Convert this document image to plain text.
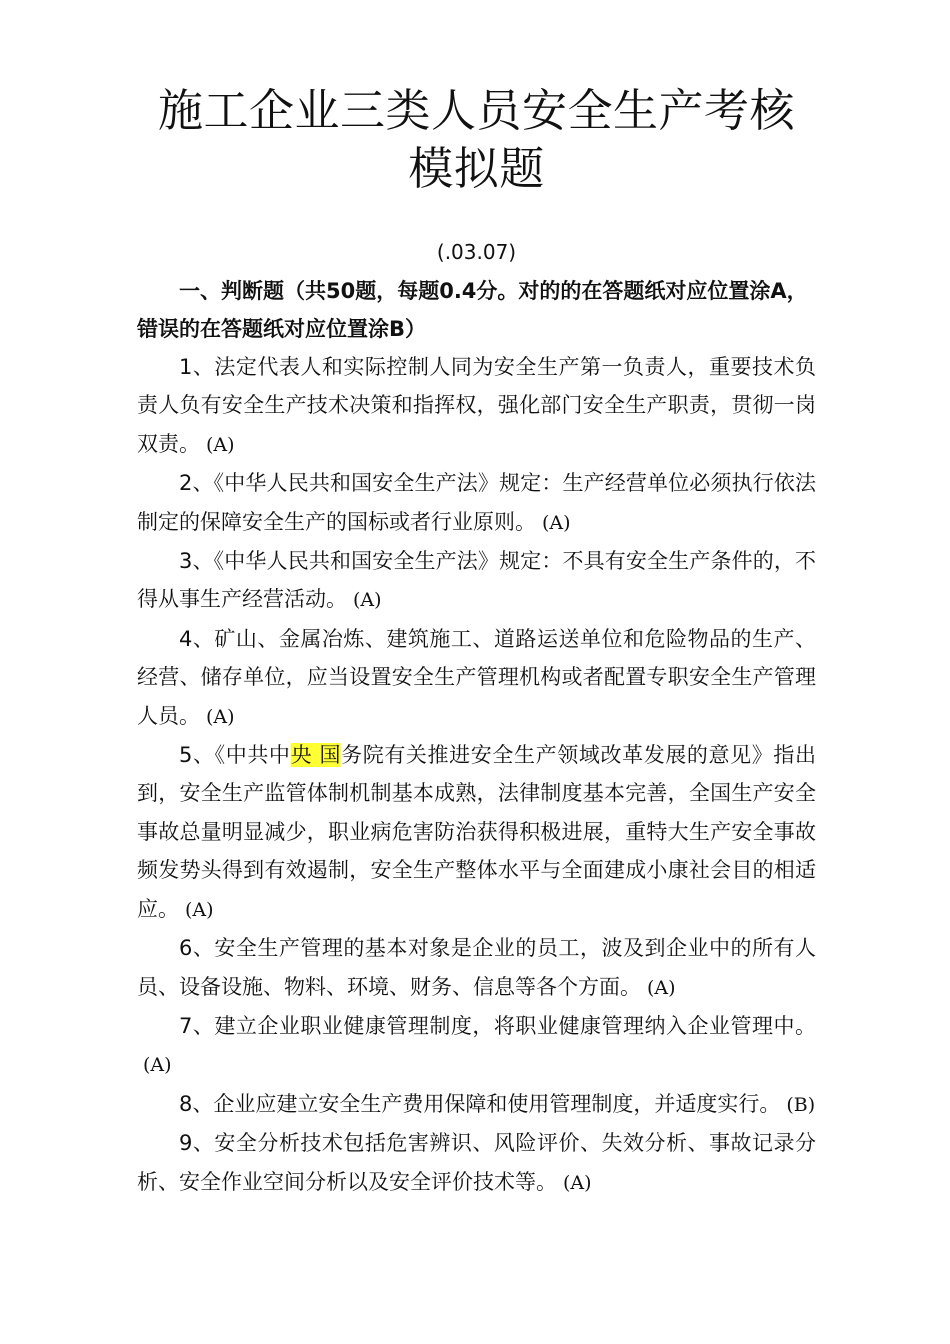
施工企业三类人员安全生产考核模拟题
(.03.07)

一、判断题（共50题，每题0.4分。对的的在答题纸对应位置涂A，错误的在答题纸对应位置涂B）

1、法定代表人和实际控制人同为安全生产第一负责人，重要技术负责人负有安全生产技术决策和指挥权，强化部门安全生产职责，贯彻一岗双责。 (A)

2、《中华人民共和国安全生产法》规定：生产经营单位必须执行依法制定的保障安全生产的国标或者行业原则。 (A)

3、《中华人民共和国安全生产法》规定：不具有安全生产条件的，不得从事生产经营活动。 (A)

4、矿山、金属冶炼、建筑施工、道路运送单位和危险物品的生产、经营、储存单位，应当设置安全生产管理机构或者配置专职安全生产管理人员。 (A)

5、《中共中央 国务院有关推进安全生产领域改革发展的意见》指出到，安全生产监管体制机制基本成熟，法律制度基本完善，全国生产安全事故总量明显减少，职业病危害防治获得积极进展，重特大生产安全事故频发势头得到有效遏制，安全生产整体水平与全面建成小康社会目的相适应。 (A)

6、安全生产管理的基本对象是企业的员工，波及到企业中的所有人员、设备设施、物料、环境、财务、信息等各个方面。 (A)

7、建立企业职业健康管理制度，将职业健康管理纳入企业管理中。(A)

8、企业应建立安全生产费用保障和使用管理制度，并适度实行。 (B)

9、安全分析技术包括危害辨识、风险评价、失效分析、事故记录分析、安全作业空间分析以及安全评价技术等。 (A)
